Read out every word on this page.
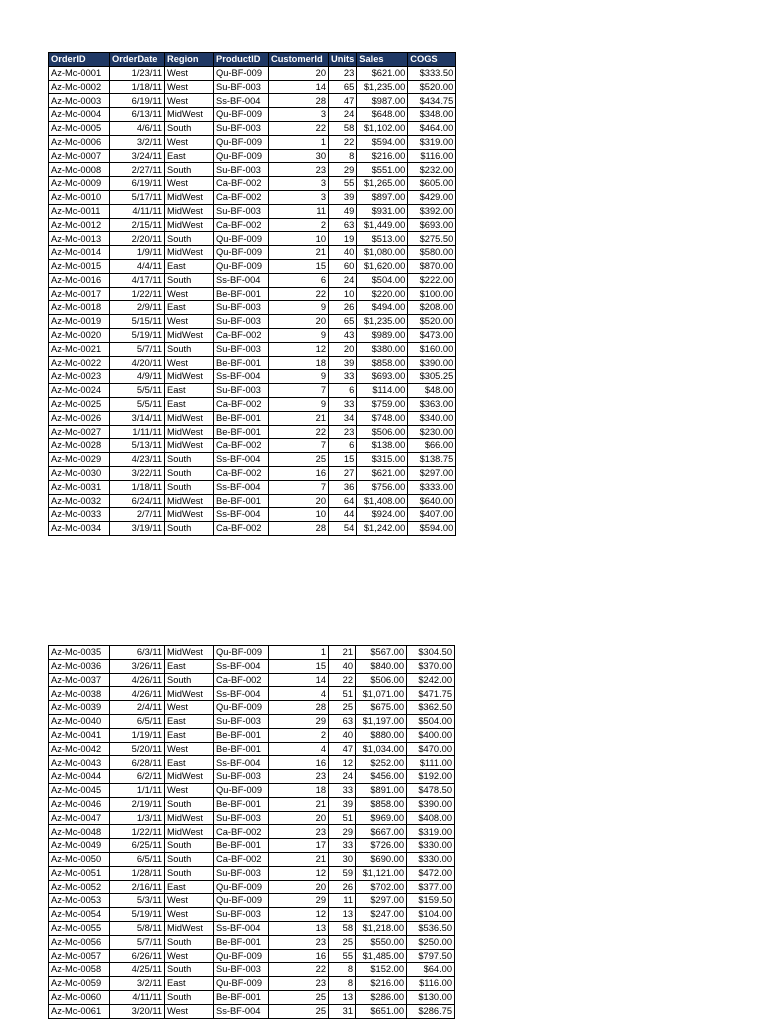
OrderID	OrderDate	Region	ProductID	CustomerId	Units	Sales	COGS
Az-Mc-0001	1/23/11	West	Qu-BF-009	20	23	$621.00	$333.50
Az-Mc-0002	1/18/11	West	Su-BF-003	14	65	$1,235.00	$520.00
Az-Mc-0003	6/19/11	West	Ss-BF-004	28	47	$987.00	$434.75
Az-Mc-0004	6/13/11	MidWest	Qu-BF-009	3	24	$648.00	$348.00
Az-Mc-0005	4/6/11	South	Su-BF-003	22	58	$1,102.00	$464.00
Az-Mc-0006	3/2/11	West	Qu-BF-009	1	22	$594.00	$319.00
Az-Mc-0007	3/24/11	East	Qu-BF-009	30	8	$216.00	$116.00
Az-Mc-0008	2/27/11	South	Su-BF-003	23	29	$551.00	$232.00
Az-Mc-0009	6/19/11	West	Ca-BF-002	3	55	$1,265.00	$605.00
Az-Mc-0010	5/17/11	MidWest	Ca-BF-002	3	39	$897.00	$429.00
Az-Mc-0011	4/11/11	MidWest	Su-BF-003	11	49	$931.00	$392.00
Az-Mc-0012	2/15/11	MidWest	Ca-BF-002	2	63	$1,449.00	$693.00
Az-Mc-0013	2/20/11	South	Qu-BF-009	10	19	$513.00	$275.50
Az-Mc-0014	1/9/11	MidWest	Qu-BF-009	21	40	$1,080.00	$580.00
Az-Mc-0015	4/4/11	East	Qu-BF-009	15	60	$1,620.00	$870.00
Az-Mc-0016	4/17/11	South	Ss-BF-004	6	24	$504.00	$222.00
Az-Mc-0017	1/22/11	West	Be-BF-001	22	10	$220.00	$100.00
Az-Mc-0018	2/9/11	East	Su-BF-003	9	26	$494.00	$208.00
Az-Mc-0019	5/15/11	West	Su-BF-003	20	65	$1,235.00	$520.00
Az-Mc-0020	5/19/11	MidWest	Ca-BF-002	9	43	$989.00	$473.00
Az-Mc-0021	5/7/11	South	Su-BF-003	12	20	$380.00	$160.00
Az-Mc-0022	4/20/11	West	Be-BF-001	18	39	$858.00	$390.00
Az-Mc-0023	4/9/11	MidWest	Ss-BF-004	9	33	$693.00	$305.25
Az-Mc-0024	5/5/11	East	Su-BF-003	7	6	$114.00	$48.00
Az-Mc-0025	5/5/11	East	Ca-BF-002	9	33	$759.00	$363.00
Az-Mc-0026	3/14/11	MidWest	Be-BF-001	21	34	$748.00	$340.00
Az-Mc-0027	1/11/11	MidWest	Be-BF-001	22	23	$506.00	$230.00
Az-Mc-0028	5/13/11	MidWest	Ca-BF-002	7	6	$138.00	$66.00
Az-Mc-0029	4/23/11	South	Ss-BF-004	25	15	$315.00	$138.75
Az-Mc-0030	3/22/11	South	Ca-BF-002	16	27	$621.00	$297.00
Az-Mc-0031	1/18/11	South	Ss-BF-004	7	36	$756.00	$333.00
Az-Mc-0032	6/24/11	MidWest	Be-BF-001	20	64	$1,408.00	$640.00
Az-Mc-0033	2/7/11	MidWest	Ss-BF-004	10	44	$924.00	$407.00
Az-Mc-0034	3/19/11	South	Ca-BF-002	28	54	$1,242.00	$594.00
Az-Mc-0035	6/3/11	MidWest	Qu-BF-009	1	21	$567.00	$304.50
Az-Mc-0036	3/26/11	East	Ss-BF-004	15	40	$840.00	$370.00
Az-Mc-0037	4/26/11	South	Ca-BF-002	14	22	$506.00	$242.00
Az-Mc-0038	4/26/11	MidWest	Ss-BF-004	4	51	$1,071.00	$471.75
Az-Mc-0039	2/4/11	West	Qu-BF-009	28	25	$675.00	$362.50
Az-Mc-0040	6/5/11	East	Su-BF-003	29	63	$1,197.00	$504.00
Az-Mc-0041	1/19/11	East	Be-BF-001	2	40	$880.00	$400.00
Az-Mc-0042	5/20/11	West	Be-BF-001	4	47	$1,034.00	$470.00
Az-Mc-0043	6/28/11	East	Ss-BF-004	16	12	$252.00	$111.00
Az-Mc-0044	6/2/11	MidWest	Su-BF-003	23	24	$456.00	$192.00
Az-Mc-0045	1/1/11	West	Qu-BF-009	18	33	$891.00	$478.50
Az-Mc-0046	2/19/11	South	Be-BF-001	21	39	$858.00	$390.00
Az-Mc-0047	1/3/11	MidWest	Su-BF-003	20	51	$969.00	$408.00
Az-Mc-0048	1/22/11	MidWest	Ca-BF-002	23	29	$667.00	$319.00
Az-Mc-0049	6/25/11	South	Be-BF-001	17	33	$726.00	$330.00
Az-Mc-0050	6/5/11	South	Ca-BF-002	21	30	$690.00	$330.00
Az-Mc-0051	1/28/11	South	Su-BF-003	12	59	$1,121.00	$472.00
Az-Mc-0052	2/16/11	East	Qu-BF-009	20	26	$702.00	$377.00
Az-Mc-0053	5/3/11	West	Qu-BF-009	29	11	$297.00	$159.50
Az-Mc-0054	5/19/11	West	Su-BF-003	12	13	$247.00	$104.00
Az-Mc-0055	5/8/11	MidWest	Ss-BF-004	13	58	$1,218.00	$536.50
Az-Mc-0056	5/7/11	South	Be-BF-001	23	25	$550.00	$250.00
Az-Mc-0057	6/26/11	West	Qu-BF-009	16	55	$1,485.00	$797.50
Az-Mc-0058	4/25/11	South	Su-BF-003	22	8	$152.00	$64.00
Az-Mc-0059	3/2/11	East	Qu-BF-009	23	8	$216.00	$116.00
Az-Mc-0060	4/11/11	South	Be-BF-001	25	13	$286.00	$130.00
Az-Mc-0061	3/20/11	West	Ss-BF-004	25	31	$651.00	$286.75
